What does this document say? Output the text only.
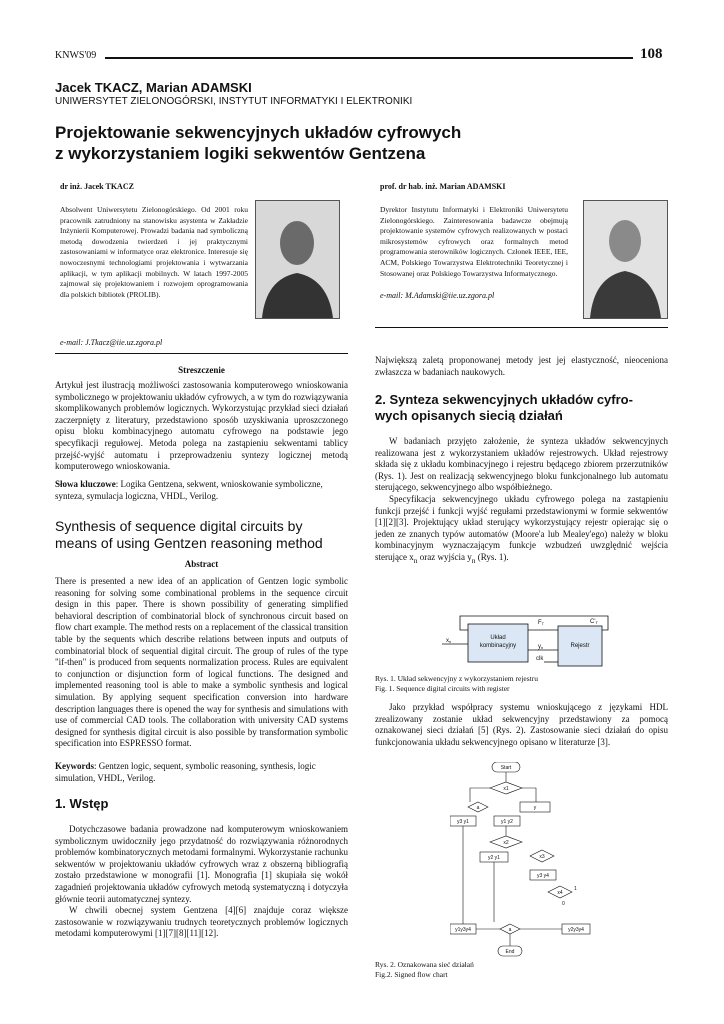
KNWS'09	108
Jacek TKACZ, Marian ADAMSKI
UNIWERSYTET ZIELONOGÓRSKI, INSTYTUT INFORMATYKI I ELEKTRONIKI
Projektowanie sekwencyjnych układów cyfrowych
z wykorzystaniem logiki sekwentów Gentzena
dr inż. Jacek TKACZ
Absolwent Uniwersytetu Zielonogórskiego. Od 2001 roku pracownik zatrudniony na stanowisku asystenta w Zakładzie Inżynierii Komputerowej. Prowadzi badania nad symboliczną metodą dowodzenia twierdzeń i jej praktycznymi zastosowaniami w informatyce oraz elektronice. Interesuje się nowoczesnymi technologiami projektowania i wytwarzania aplikacji, w tym aplikacji mobilnych. W latach 1997-2005 zajmował się projektowaniem i rozwojem oprogramowania dla polskich bibliotek (PROLIB).
e-mail: J.Tkacz@iie.uz.zgora.pl
prof. dr hab. inż. Marian ADAMSKI
Dyrektor Instytutu Informatyki i Elektroniki Uniwersytetu Zielonogórskiego. Zainteresowania badawcze obejmują projektowanie systemów cyfrowych realizowanych w postaci mikrosystemów cyfrowych oraz formalnych metod programowania sterowników logicznych. Członek IEEE, IEE, ACM, Polskiego Towarzystwa Elektrotechniki Teoretycznej i Stosowanej oraz Polskiego Towarzystwa Informatycznego.
e-mail: M.Adamski@iie.uz.zgora.pl
Streszczenie
Artykuł jest ilustracją możliwości zastosowania komputerowego wnioskowania symbolicznego w projektowaniu układów cyfrowych, a w tym do rozwiązywania skomplikowanych problemów logicznych. Wykorzystując przykład sieci działań zaczerpnięty z literatury, przedstawiono sposób uzyskiwania uproszczonego opisu bloku kombinacyjnego automatu cyfrowego na podstawie jego specyfikacji regułowej. Metoda polega na zastąpieniu sekwentami tablicy przejść-wyjść automatu i przeprowadzeniu syntezy logicznej metodą komputerowego wnioskowania.
Słowa kluczowe: Logika Gentzena, sekwent, wnioskowanie symboliczne, synteza, symulacja logiczna, VHDL, Verilog.
Synthesis of sequence digital circuits by means of using Gentzen reasoning method
Abstract
There is presented a new idea of an application of Gentzen logic symbolic reasoning for solving some combinational problems in the sequence circuit design in this paper. There is shown possibility of generating simplified behavioral description of combinatorial block of synchronous circuit based on flow chart example. The method rests on a replacement of the classical transition table by the sequents which describe relations between inputs and outputs of combinatorial block of sequential digital circuit. The group of rules of the type "if-then" is produced from sequents normalization process. Rules are equivalent to conjunction or disjunction form of logical functions. The designed and implemented reasoning tool is able to make a symbolic synthesis and logical simulation. By applying sequent specification conversion into hardware description languages there is opened the way for synthesis and simulations with use of commercial CAD tools. The collaboration with university CAD systems designed for synthesis digital circuit is also possible by transformation symbolic specification into ESPRESSO format.
Keywords: Gentzen logic, sequent, symbolic reasoning, synthesis, logic simulation, VHDL, Verilog.
1. Wstęp

Dotychczasowe badania prowadzone nad komputerowym wnioskowaniem symbolicznym uwidoczniły jego przydatność do rozwiązywania różnorodnych problemów kombinatorycznych metodami formalnymi. Wykorzystanie rachunku sekwentów w projektowaniu układów cyfrowych wraz z obszerną bibliografią zostało przedstawione w monografii [1]. Monografia [1] skupiała się wokół zagadnień projektowania układów cyfrowych metodą systematyczną i dotyczyła głównie teorii automatycznej syntezy.

W chwili obecnej system Gentzena [4][6] znajduje coraz większe zastosowanie w rozwiązywaniu trudnych teoretycznych problemów logicznych metodami komputerowymi [1][7][8][11][12].

Największą zaletą proponowanej metody jest jej elastyczność, nieoceniona zwłaszcza w badaniach naukowych.
2. Synteza sekwencyjnych układów cyfro-
wych opisanych siecią działań

W badaniach przyjęto założenie, że synteza układów sekwencyjnych realizowana jest z wykorzystaniem układów rejestrowych. Układ rejestrowy składa się z układu kombinacyjnego i rejestru będącego zbiorem przerzutników (Rys. 1). Jest on realizacją sekwencyjnego bloku funkcjonalnego lub automatu sterującego, sekwencyjnego albo współbieżnego.

Specyfikacja sekwencyjnego układu cyfrowego polega na zastąpieniu funkcji przejść i funkcji wyjść regułami przedstawionymi w formie sekwentów [1][2][3]. Projektujący układ sterujący wykorzystujący rejestr opierając się o jeden ze znanych typów automatów (Moore'a lub Mealey'ego) należy w bloku kombinacyjnym wyznaczającym funkcje wzbudzeń uwzględnić wejścia sterujące $x_n$ oraz wyjścia $y_n$ (Rys. 1).

Układ
kombinacyjny	Rejestr
FT	C'T
xn
yn
clk
Rys. 1. Układ sekwencyjny z wykorzystaniem rejestru
Fig. 1. Sequence digital circuits with register

Jako przykład współpracy systemu wnioskującego z językami HDL zrealizowany zostanie układ sekwencyjny przedstawiony za pomocą oznakowanej sieci działań [5] (Rys. 2). Zastosowanie sieci działań do opisu funkcjonowania układu sekwencyjnego opisano w literaturze [3].

Start
x1
a	y
y3 y1	y1 y2
x2
y2 y1	x3
y3 y4
x4
1
0
y1y3y4	a	y2y3y4
End
Rys. 2. Oznakowana sieć działań
Fig.2. Signed flow chart
